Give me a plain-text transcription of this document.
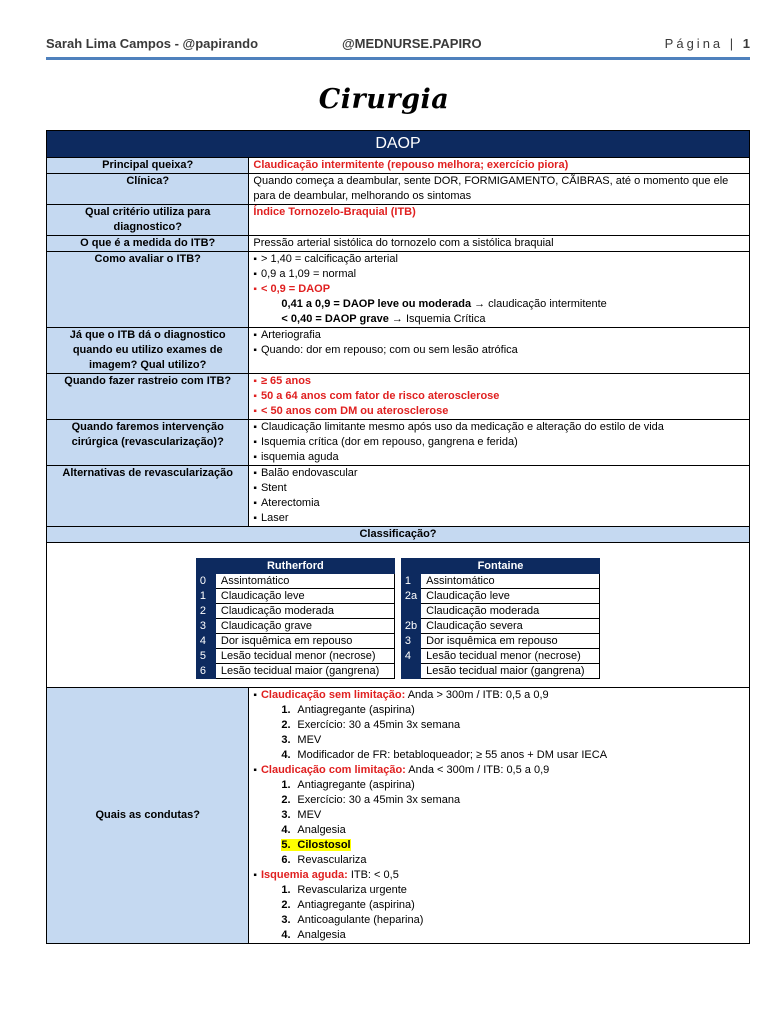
Sarah Lima Campos - @papirando	@MEDNURSE.PAPIRO	Página | 1
Cirurgia
DAOP
Principal queixa?	Claudicação intermitente (repouso melhora; exercício piora)
Clínica?	Quando começa a deambular, sente DOR, FORMIGAMENTO, CÃIBRAS, até o momento que ele para de deambular, melhorando os sintomas
Qual critério utiliza para diagnostico?	Índice Tornozelo-Braquial (ITB)
O que é a medida do ITB?	Pressão arterial sistólica do tornozelo com a sistólica braquial
Como avaliar o ITB?	
▪> 1,40 = calcificação arterial
▪ 0,9 a 1,09 = normal
▪ < 0,9 = DAOP
0,41 a 0,9 = DAOP leve ou moderada → claudicação intermitente
< 0,40 = DAOP grave → Isquemia Crítica

Já que o ITB dá o diagnostico quando eu utilizo exames de imagem? Qual utilizo?	
▪ Arteriografia
▪ Quando: dor em repouso; com ou sem lesão atrófica

Quando fazer rastreio com ITB?	
▪≥ 65 anos
▪ 50 a 64 anos com fator de risco aterosclerose
▪ < 50 anos com DM ou aterosclerose

Quando faremos intervenção cirúrgica (revascularização)?	
▪ Claudicação limitante mesmo após uso da medicação e alteração do estilo de vida
▪ Isquemia crítica (dor em repouso, gangrena e ferida)
▪ isquemia aguda

Alternativas de revascularização	
▪Balão endovascular
▪ Stent
▪ Aterectomia
▪ Laser

Classificação?

Rutherford		Fontaine
0	Assintomático		1	Assintomático
1	Claudicação leve		2a	Claudicação leve
2	Claudicação moderada			Claudicação moderada
3	Claudicação grave		2b	Claudicação severa
4	Dor isquêmica em repouso		3	Dor isquêmica em repouso
5	Lesão tecidual menor (necrose)		4	Lesão tecidual menor (necrose)
6	Lesão tecidual maior (gangrena)			Lesão tecidual maior (gangrena)

Quais as condutas?	
▪ Claudicação sem limitação: Anda > 300m / ITB: 0,5 a 0,9
1. Antiagregante (aspirina)
2. Exercício: 30 a 45min 3x semana
3. MEV
4. Modificador de FR: betabloqueador; ≥ 55 anos + DM usar IECA
▪ Claudicação com limitação: Anda < 300m / ITB: 0,5 a 0,9
1. Antiagregante (aspirina)
2. Exercício: 30 a 45min 3x semana
3. MEV
4. Analgesia
5. Cilostosol
6. Revasculariza
▪ Isquemia aguda: ITB: < 0,5
1. Revasculariza urgente
2. Antiagregante (aspirina)
3. Anticoagulante (heparina)
4. Analgesia
